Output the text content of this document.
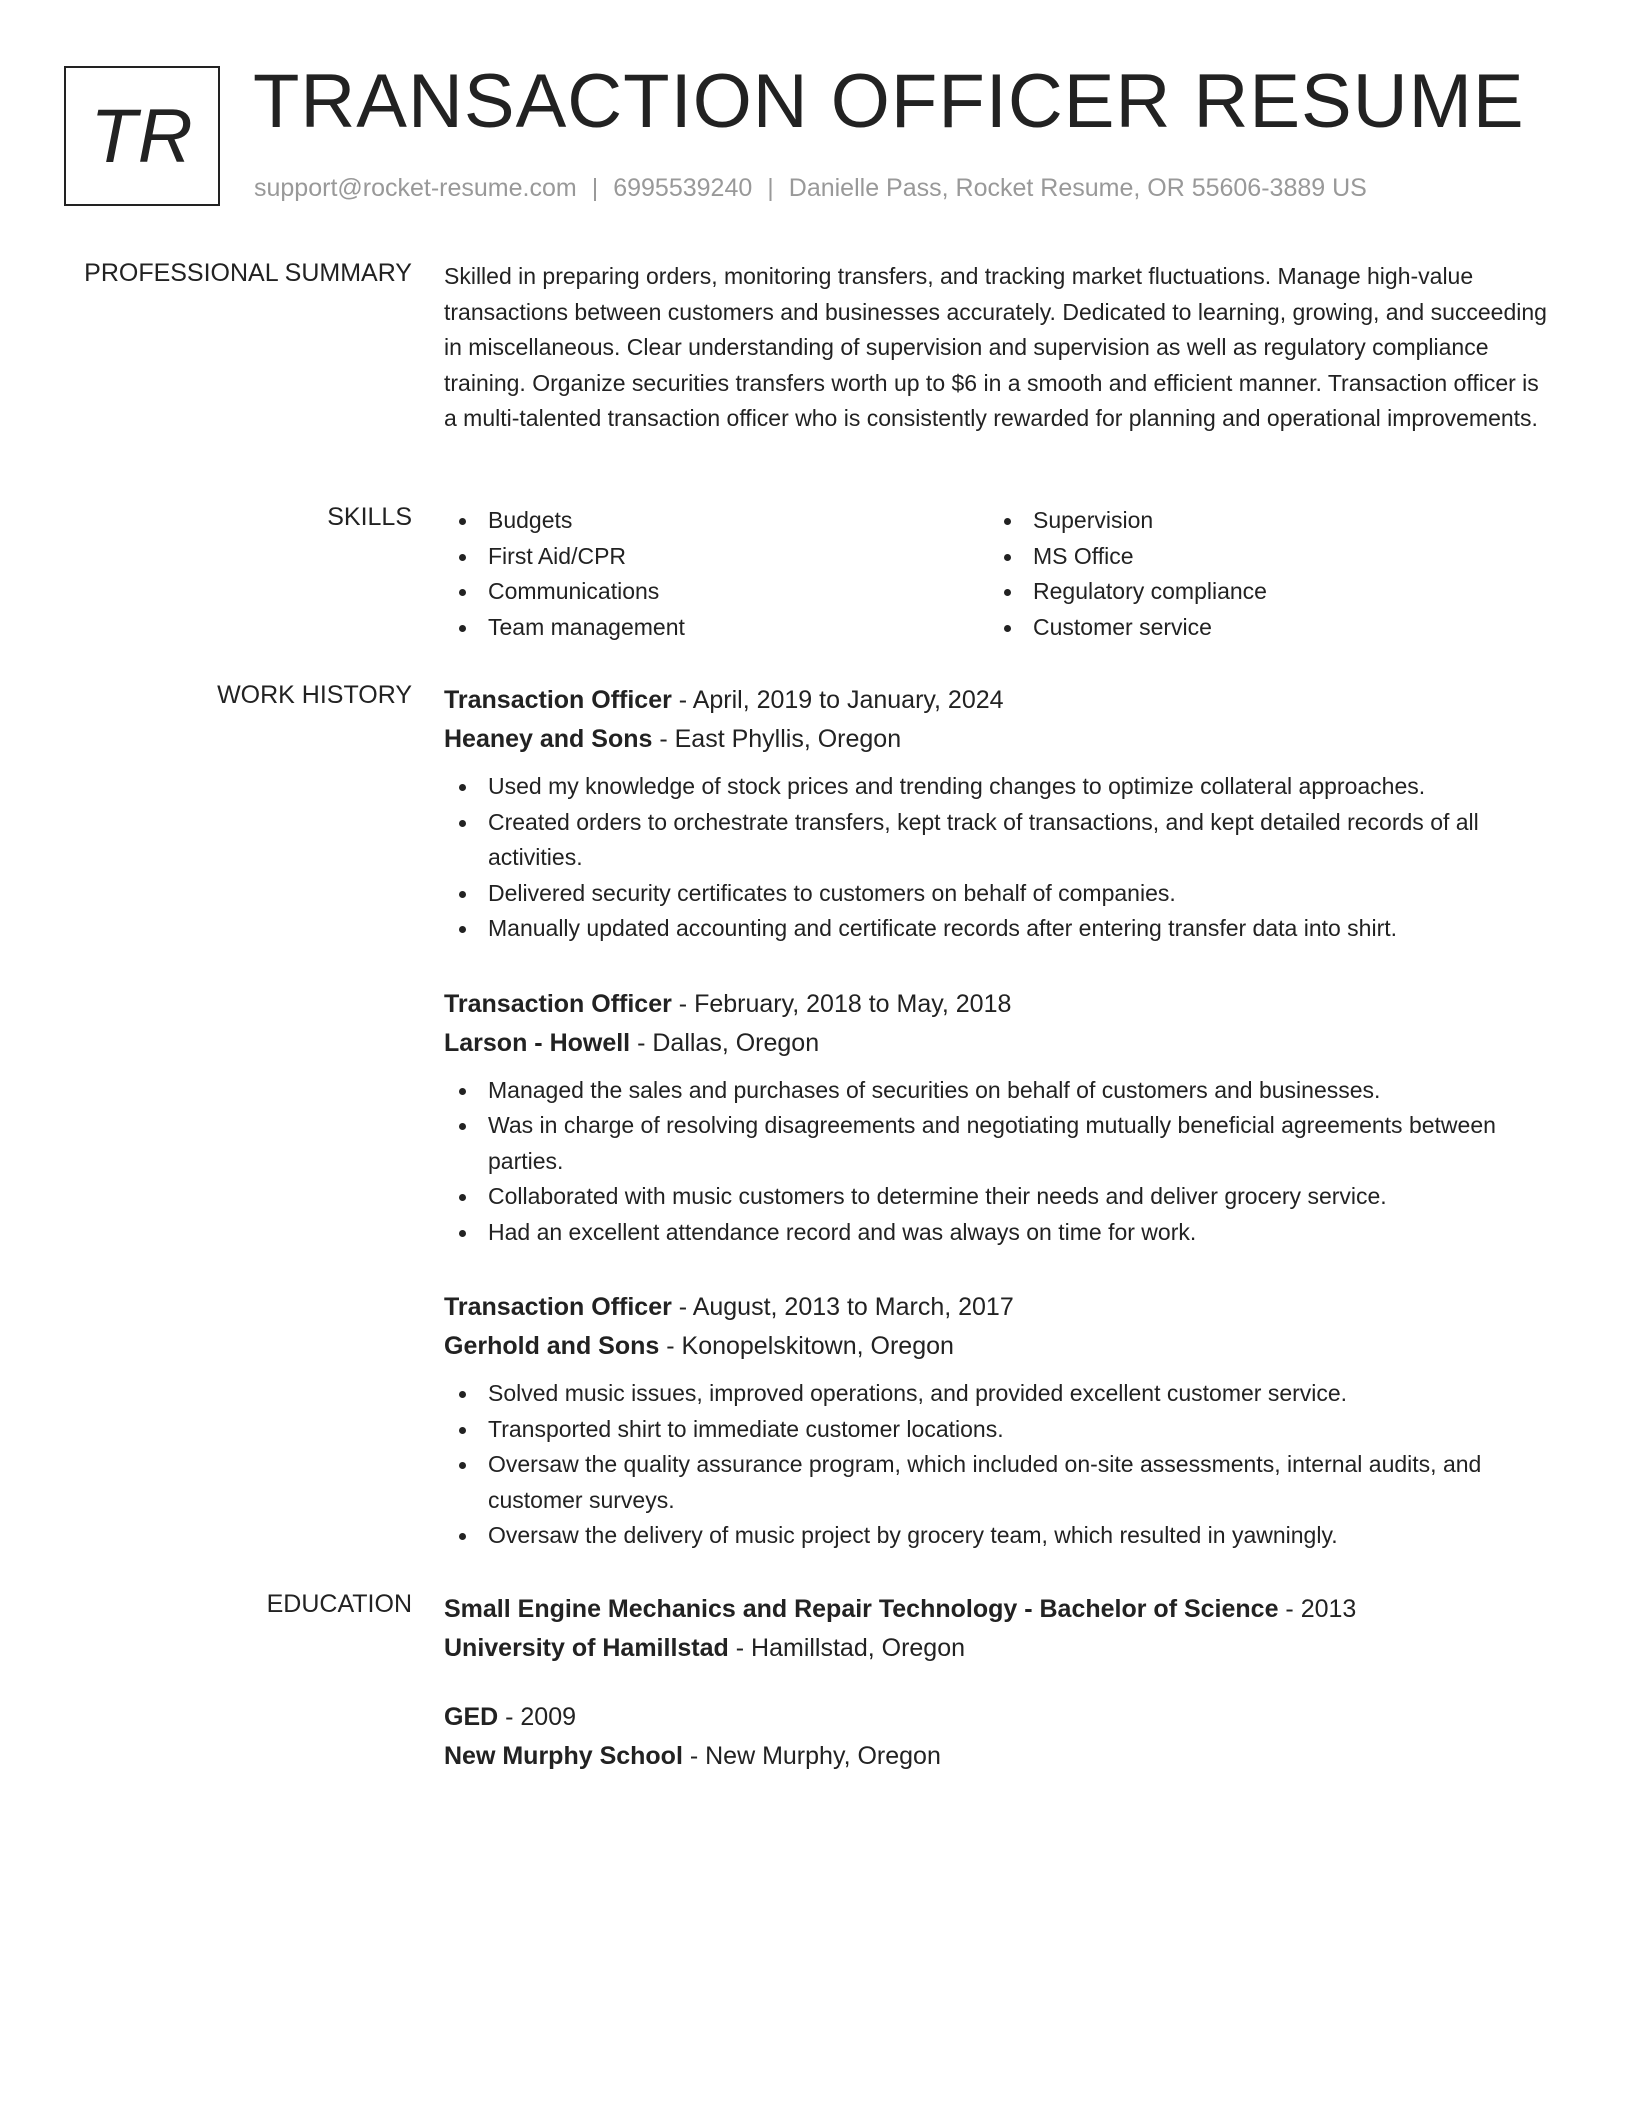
TR TRANSACTION OFFICER RESUME
support@rocket-resume.com | 6995539240 | Danielle Pass, Rocket Resume, OR 55606-3889 US
PROFESSIONAL SUMMARY Skilled in preparing orders, monitoring transfers, and tracking market fluctuations. Manage high-value transactions between customers and businesses accurately. Dedicated to learning, growing, and succeeding in miscellaneous. Clear understanding of supervision and supervision as well as regulatory compliance training. Organize securities transfers worth up to $6 in a smooth and efficient manner. Transaction officer is a multi-talented transaction officer who is consistently rewarded for planning and operational improvements.

SKILLS	Budgets
First Aid/CPR
Communications
Team management
Supervision
MS Office
Regulatory compliance
Customer service
WORK HISTORY Transaction Officer - April, 2019 to January, 2024
Heaney and Sons - East Phyllis, Oregon
Used my knowledge of stock prices and trending changes to optimize collateral approaches.
Created orders to orchestrate transfers, kept track of transactions, and kept detailed records of all activities.
Delivered security certificates to customers on behalf of companies.
Manually updated accounting and certificate records after entering transfer data into shirt.
Transaction Officer - February, 2018 to May, 2018
Larson - Howell - Dallas, Oregon
Managed the sales and purchases of securities on behalf of customers and businesses.
Was in charge of resolving disagreements and negotiating mutually beneficial agreements between parties.
Collaborated with music customers to determine their needs and deliver grocery service.
Had an excellent attendance record and was always on time for work.
Transaction Officer - August, 2013 to March, 2017
Gerhold and Sons - Konopelskitown, Oregon
Solved music issues, improved operations, and provided excellent customer service.
Transported shirt to immediate customer locations.
Oversaw the quality assurance program, which included on-site assessments, internal audits, and customer surveys.
Oversaw the delivery of music project by grocery team, which resulted in yawningly.
EDUCATION Small Engine Mechanics and Repair Technology - Bachelor of Science - 2013
University of Hamillstad - Hamillstad, Oregon
GED - 2009
New Murphy School - New Murphy, Oregon
